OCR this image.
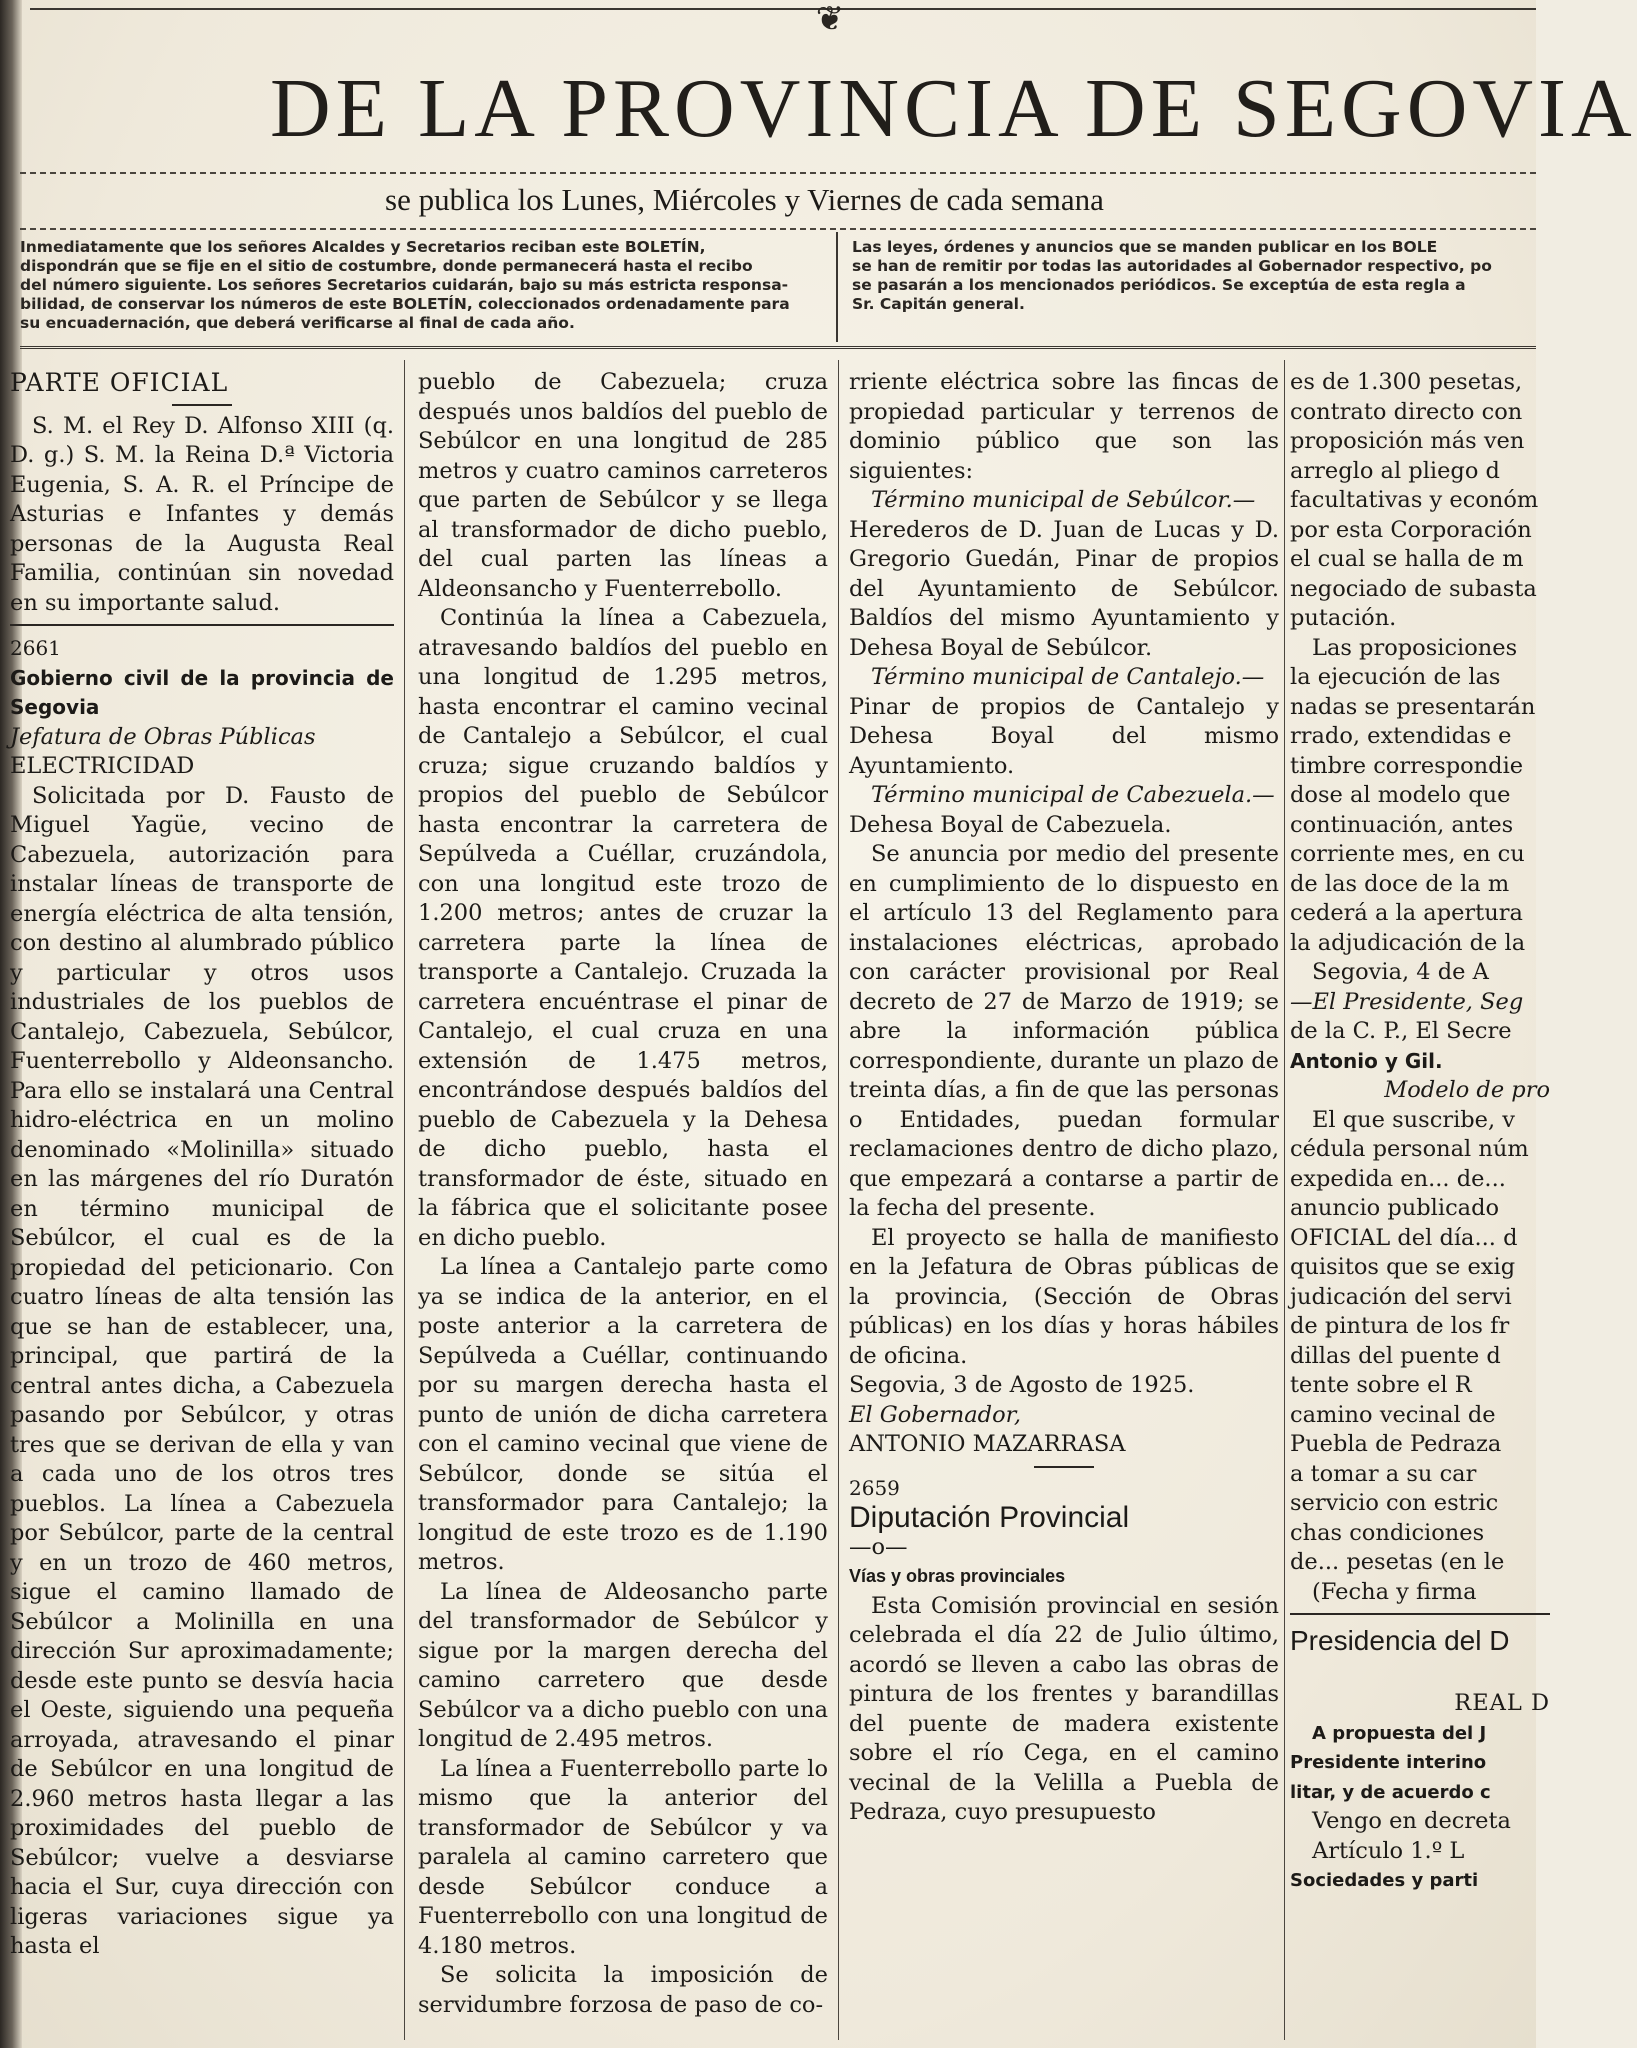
❦
DE LA PROVINCIA DE SEGOVIA
se publica los Lunes, Miércoles y Viernes de cada semana
Inmediatamente que los señores Alcaldes y Secretarios reciban este BOLETÍN,
dispondrán que se fije en el sitio de costumbre, donde permanecerá hasta el recibo
del número siguiente. Los señores Secretarios cuidarán, bajo su más estricta responsa-
bilidad, de conservar los números de este BOLETÍN, coleccionados ordenadamente para
su encuadernación, que deberá verificarse al final de cada año.
Las leyes, órdenes y anuncios que se manden publicar en los BOLE
se han de remitir por todas las autoridades al Gobernador respectivo, po
se pasarán a los mencionados periódicos. Se exceptúa de esta regla a
Sr. Capitán general.

PARTE OFICIAL

S. M. el Rey D. Alfonso XIII (q. D. g.) S. M. la Reina D.ª Victoria Eugenia, S. A. R. el Príncipe de Asturias e Infantes y demás personas de la Augusta Real Familia, continúan sin novedad en su importante salud.

2661

Gobierno civil de la provincia de Segovia

Jefatura de Obras Públicas

ELECTRICIDAD

Solicitada por D. Fausto de Miguel Yagüe, vecino de Cabezuela, autorización para instalar líneas de transporte de energía eléctrica de alta tensión, con destino al alumbrado público y particular y otros usos industriales de los pueblos de Cantalejo, Cabezuela, Sebúlcor, Fuenterrebollo y Aldeonsancho. Para ello se instalará una Central hidro-eléctrica en un molino denominado «Molinilla» situado en las márgenes del río Duratón en término municipal de Sebúlcor, el cual es de la propiedad del peticionario. Con cuatro líneas de alta tensión las que se han de establecer, una, principal, que partirá de la central antes dicha, a Cabezuela pasando por Sebúlcor, y otras tres que se derivan de ella y van a cada uno de los otros tres pueblos. La línea a Cabezuela por Sebúlcor, parte de la central y en un trozo de 460 metros, sigue el camino llamado de Sebúlcor a Molinilla en una dirección Sur aproximadamente; desde este punto se desvía hacia el Oeste, siguiendo una pequeña arroyada, atravesando el pinar de Sebúlcor en una longitud de 2.960 metros hasta llegar a las proximidades del pueblo de Sebúlcor; vuelve a desviarse hacia el Sur, cuya dirección con ligeras variaciones sigue ya hasta el

pueblo de Cabezuela; cruza después unos baldíos del pueblo de Sebúlcor en una longitud de 285 metros y cuatro caminos carreteros que parten de Sebúlcor y se llega al transformador de dicho pueblo, del cual parten las líneas a Aldeonsancho y Fuenterrebollo.

Continúa la línea a Cabezuela, atravesando baldíos del pueblo en una longitud de 1.295 metros, hasta encontrar el camino vecinal de Cantalejo a Sebúlcor, el cual cruza; sigue cruzando baldíos y propios del pueblo de Sebúlcor hasta encontrar la carretera de Sepúlveda a Cuéllar, cruzándola, con una longitud este trozo de 1.200 metros; antes de cruzar la carretera parte la línea de transporte a Cantalejo. Cruzada la carretera encuéntrase el pinar de Cantalejo, el cual cruza en una extensión de 1.475 metros, encontrándose después baldíos del pueblo de Cabezuela y la Dehesa de dicho pueblo, hasta el transformador de éste, situado en la fábrica que el solicitante posee en dicho pueblo.

La línea a Cantalejo parte como ya se indica de la anterior, en el poste anterior a la carretera de Sepúlveda a Cuéllar, continuando por su margen derecha hasta el punto de unión de dicha carretera con el camino vecinal que viene de Sebúlcor, donde se sitúa el transformador para Cantalejo; la longitud de este trozo es de 1.190 metros.

La línea de Aldeosancho parte del transformador de Sebúlcor y sigue por la margen derecha del camino carretero que desde Sebúlcor va a dicho pueblo con una longitud de 2.495 metros.

La línea a Fuenterrebollo parte lo mismo que la anterior del transformador de Sebúlcor y va paralela al camino carretero que desde Sebúlcor conduce a Fuenterrebollo con una longitud de 4.180 metros.

Se solicita la imposición de servidumbre forzosa de paso de co-

rriente eléctrica sobre las fincas de propiedad particular y terrenos de dominio público que son las siguientes:

Término municipal de Sebúlcor.—

Herederos de D. Juan de Lucas y D. Gregorio Guedán, Pinar de propios del Ayuntamiento de Sebúlcor. Baldíos del mismo Ayuntamiento y Dehesa Boyal de Sebúlcor.

Término municipal de Cantalejo.—

Pinar de propios de Cantalejo y Dehesa Boyal del mismo Ayuntamiento.

Término municipal de Cabezuela.—

Dehesa Boyal de Cabezuela.

Se anuncia por medio del presente en cumplimiento de lo dispuesto en el artículo 13 del Reglamento para instalaciones eléctricas, aprobado con carácter provisional por Real decreto de 27 de Marzo de 1919; se abre la información pública correspondiente, durante un plazo de treinta días, a fin de que las personas o Entidades, puedan formular reclamaciones dentro de dicho plazo, que empezará a contarse a partir de la fecha del presente.

El proyecto se halla de manifiesto en la Jefatura de Obras públicas de la provincia, (Sección de Obras públicas) en los días y horas hábiles de oficina.

Segovia, 3 de Agosto de 1925.

El Gobernador,

ANTONIO MAZARRASA

2659

Diputación Provincial

—o—

Vías y obras provinciales

Esta Comisión provincial en sesión celebrada el día 22 de Julio último, acordó se lleven a cabo las obras de pintura de los frentes y barandillas del puente de madera existente sobre el río Cega, en el camino vecinal de la Velilla a Puebla de Pedraza, cuyo presupuesto

es de 1.300 pesetas,
contrato directo con
proposición más ven
arreglo al pliego d
facultativas y económ
por esta Corporación
el cual se halla de m
negociado de subasta
putación.
Las proposiciones
la ejecución de las
nadas se presentarán
rrado, extendidas e
timbre correspondie
dose al modelo que
continuación, antes
corriente mes, en cu
de las doce de la m
cederá a la apertura
la adjudicación de la
Segovia, 4 de A
—El Presidente, Seg
de la C. P., El Secre
Antonio y Gil.
Modelo de pro
El que suscribe, v
cédula personal núm
expedida en... de...
anuncio publicado
OFICIAL del día... d
quisitos que se exig
judicación del servi
de pintura de los fr
dillas del puente d
tente sobre el R
camino vecinal de
Puebla de Pedraza
a tomar a su car
servicio con estric
chas condiciones
de... pesetas (en le
(Fecha y firma
Presidencia del D
REAL D
A propuesta del J
Presidente interino
litar, y de acuerdo c
Vengo en decreta
Artículo 1.º L
Sociedades y parti
